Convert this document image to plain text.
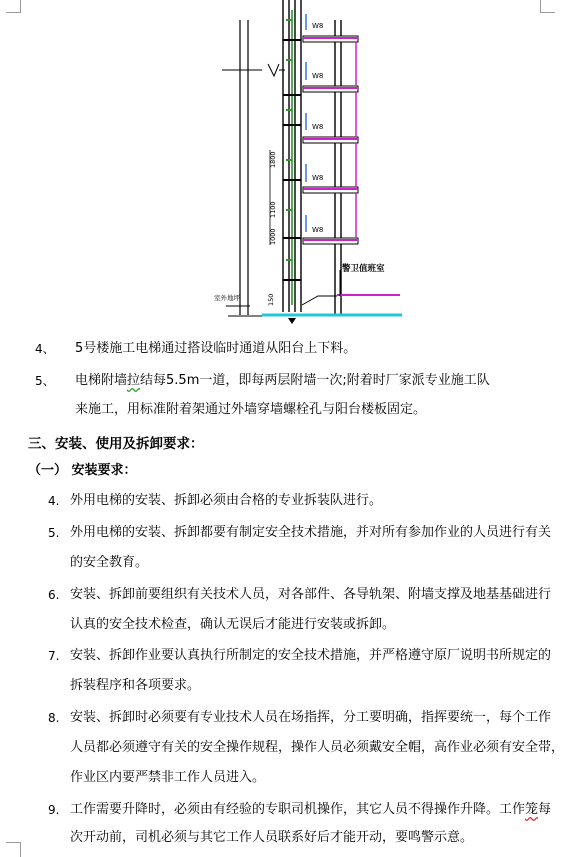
W8
W8
W8
W8
W8
1800
1100
1000
150
室外地坪
警卫值班室
4、 5号楼施工电梯通过搭设临时通道从阳台上下料。
5、 电梯附墙拉结每5.5m一道，即每两层附墙一次;附着时厂家派专业施工队
来施工，用标准附着架通过外墙穿墙螺栓孔与阳台楼板固定。
三、安装、使用及拆卸要求：
（一） 安装要求：
4. 外用电梯的安装、拆卸必须由合格的专业拆装队进行。
5. 外用电梯的安装、拆卸都要有制定安全技术措施，并对所有参加作业的人员进行有关
的安全教育。
6. 安装、拆卸前要组织有关技术人员，对各部件、各导轨架、附墙支撑及地基基础进行
认真的安全技术检查，确认无误后才能进行安装或拆卸。
7. 安装、拆卸作业要认真执行所制定的安全技术措施，并严格遵守原厂说明书所规定的
拆装程序和各项要求。
8. 安装、拆卸时必须要有专业技术人员在场指挥，分工要明确，指挥要统一，每个工作
人员都必须遵守有关的安全操作规程，操作人员必须戴安全帽，高作业必须有安全带，
作业区内要严禁非工作人员进入。
9. 工作需要升降时，必须由有经验的专职司机操作，其它人员不得操作升降。工作笼每
次开动前，司机必须与其它工作人员联系好后才能开动，要鸣警示意。
